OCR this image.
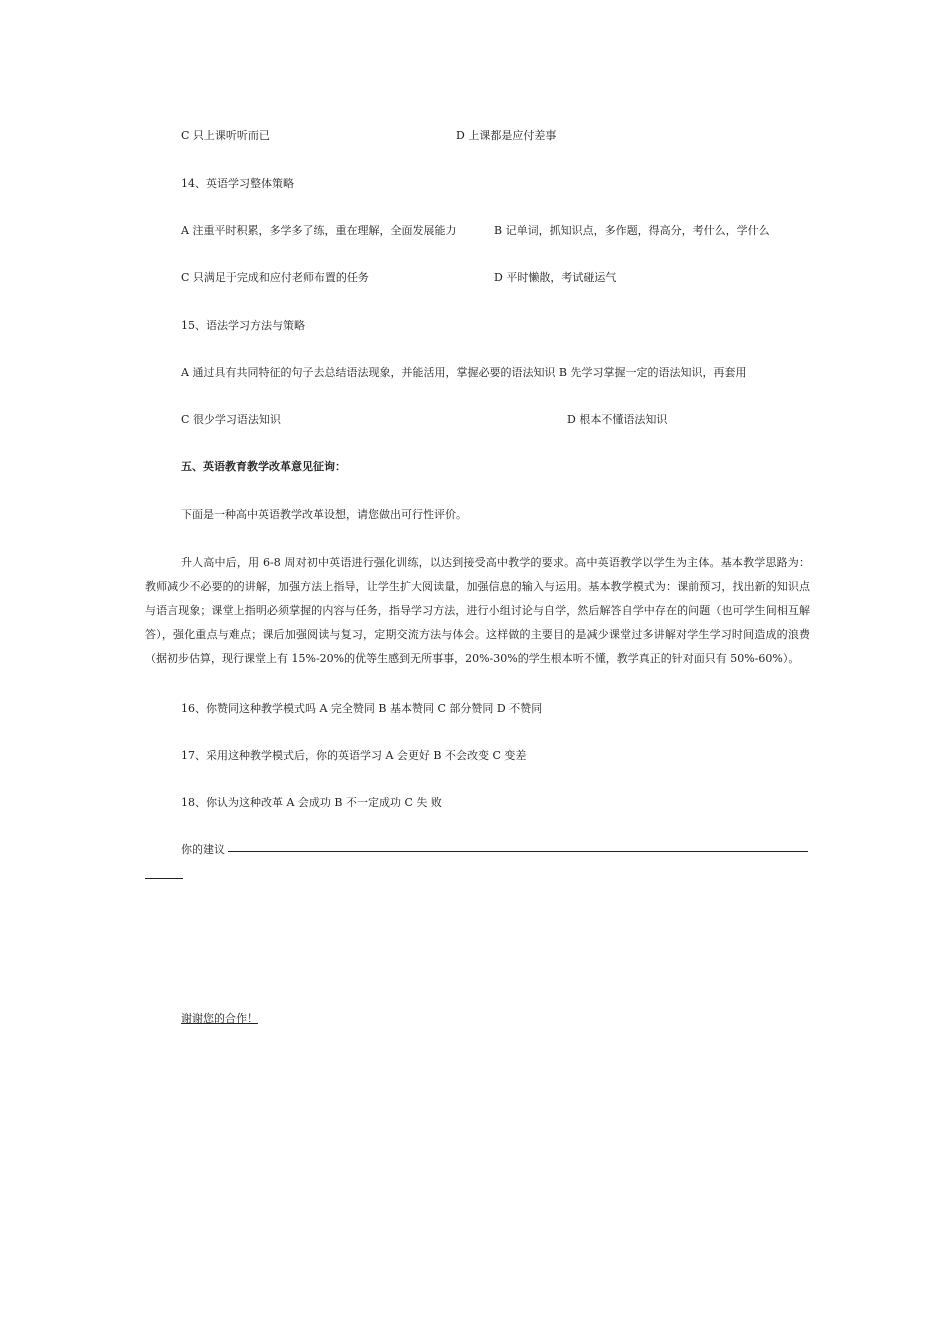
C 只上课听听而已	D 上课都是应付差事
14、英语学习整体策略
A 注重平时积累，多学多了练，重在理解，全面发展能力	B 记单词，抓知识点，多作题，得高分，考什么，学什么
C 只满足于完成和应付老师布置的任务	D 平时懒散，考试碰运气
15、语法学习方法与策略
A 通过具有共同特征的句子去总结语法现象，并能活用，掌握必要的语法知识 B 先学习掌握一定的语法知识，再套用
C 很少学习语法知识	D 根本不懂语法知识
五、英语教育教学改革意见征询：
下面是一种高中英语教学改革设想，请您做出可行性评价。
升人高中后，用 6-8 周对初中英语进行强化训练，以达到接受高中教学的要求。高中英语教学以学生为主体。基本教学思路为：教师减少不必要的的讲解，加强方法上指导，让学生扩大阅读量，加强信息的输入与运用。基本教学模式为：课前预习，找出新的知识点与语言现象；课堂上指明必须掌握的内容与任务，指导学习方法，进行小组讨论与自学，然后解答自学中存在的问题（也可学生间相互解答），强化重点与难点；课后加强阅读与复习，定期交流方法与体会。这样做的主要目的是减少课堂过多讲解对学生学习时间造成的浪费（据初步估算，现行课堂上有 15%-20%的优等生感到无所事事，20%-30%的学生根本听不懂，教学真正的针对面只有 50%-60%）。
16、你赞同这种教学模式吗 A 完全赞同 B 基本赞同 C 部分赞同 D 不赞同
17、采用这种教学模式后，你的英语学习 A 会更好 B 不会改变 C 变差
18、你认为这种改革 A 会成功 B 不一定成功 C 失 败
你的建议
谢谢您的合作！
